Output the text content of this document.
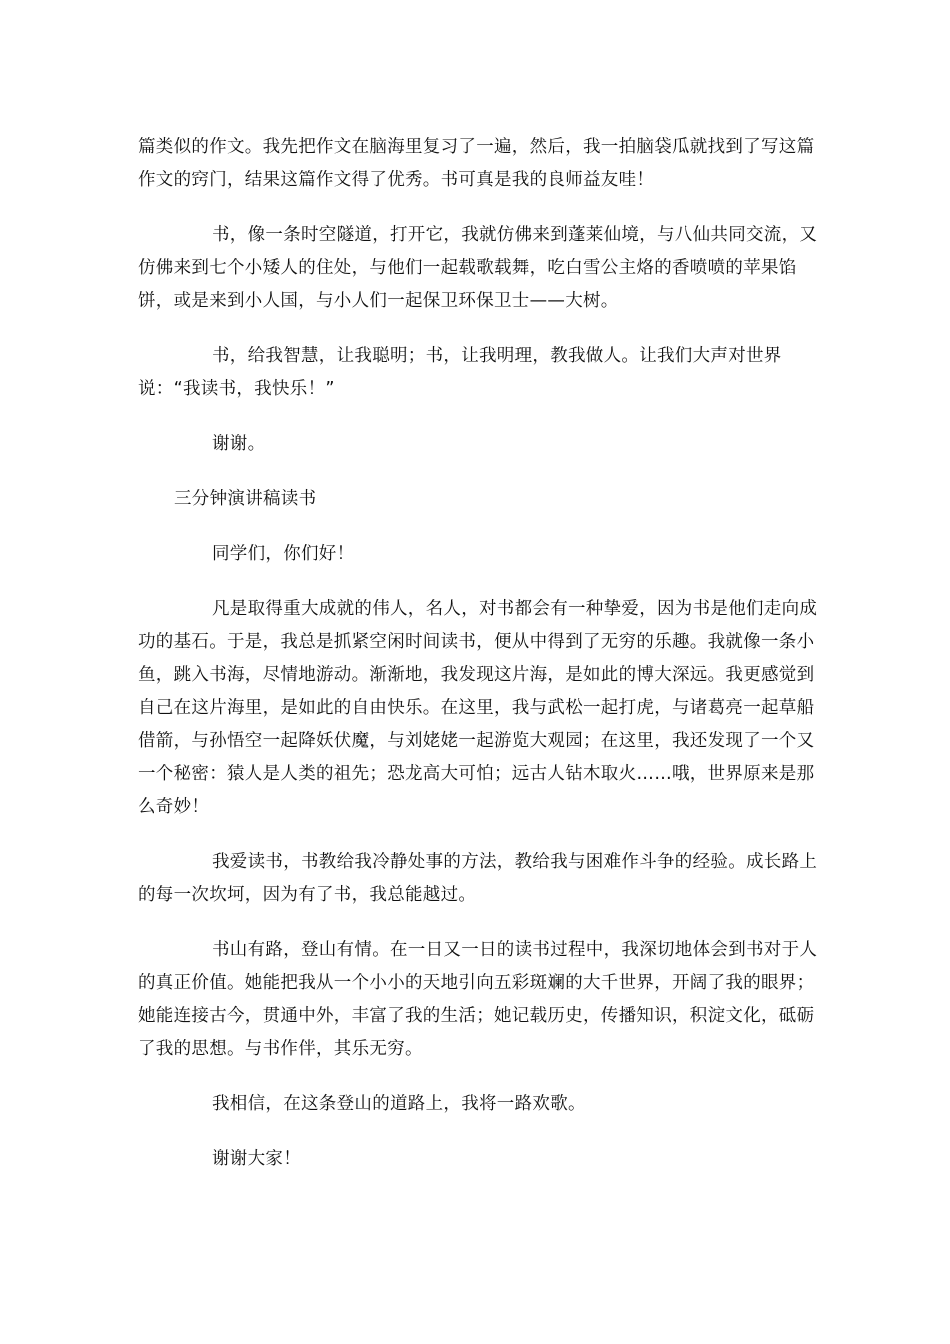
篇类似的作文。我先把作文在脑海里复习了一遍，然后，我一拍脑袋瓜就找到了写这篇作文的窍门，结果这篇作文得了优秀。书可真是我的良师益友哇！

书，像一条时空隧道，打开它，我就仿佛来到蓬莱仙境，与八仙共同交流，又仿佛来到七个小矮人的住处，与他们一起载歌载舞，吃白雪公主烙的香喷喷的苹果馅饼，或是来到小人国，与小人们一起保卫环保卫士——大树。

书，给我智慧，让我聪明；书，让我明理，教我做人。让我们大声对世界说：“我读书，我快乐！”

谢谢。

三分钟演讲稿读书

同学们，你们好！

凡是取得重大成就的伟人，名人，对书都会有一种挚爱，因为书是他们走向成功的基石。于是，我总是抓紧空闲时间读书，便从中得到了无穷的乐趣。我就像一条小鱼，跳入书海，尽情地游动。渐渐地，我发现这片海，是如此的博大深远。我更感觉到自己在这片海里，是如此的自由快乐。在这里，我与武松一起打虎，与诸葛亮一起草船借箭，与孙悟空一起降妖伏魔，与刘姥姥一起游览大观园；在这里，我还发现了一个又一个秘密：猿人是人类的祖先；恐龙高大可怕；远古人钻木取火……哦，世界原来是那么奇妙！

我爱读书，书教给我冷静处事的方法，教给我与困难作斗争的经验。成长路上的每一次坎坷，因为有了书，我总能越过。

书山有路，登山有情。在一日又一日的读书过程中，我深切地体会到书对于人的真正价值。她能把我从一个小小的天地引向五彩斑斓的大千世界，开阔了我的眼界；她能连接古今，贯通中外，丰富了我的生活；她记载历史，传播知识，积淀文化，砥砺了我的思想。与书作伴，其乐无穷。

我相信，在这条登山的道路上，我将一路欢歌。

谢谢大家！
